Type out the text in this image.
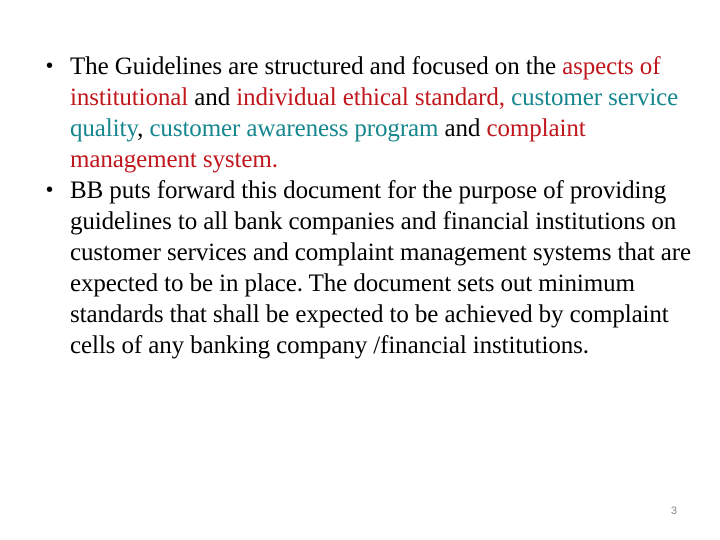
• The Guidelines are structured and focused on the aspects of institutional and individual ethical standard, customer service quality, customer awareness program and complaint management system.
• BB puts forward this document for the purpose of providing guidelines to all bank companies and financial institutions on customer services and complaint management systems that are expected to be in place. The document sets out minimum standards that shall be expected to be achieved by complaint cells of any banking company /financial institutions.
3
